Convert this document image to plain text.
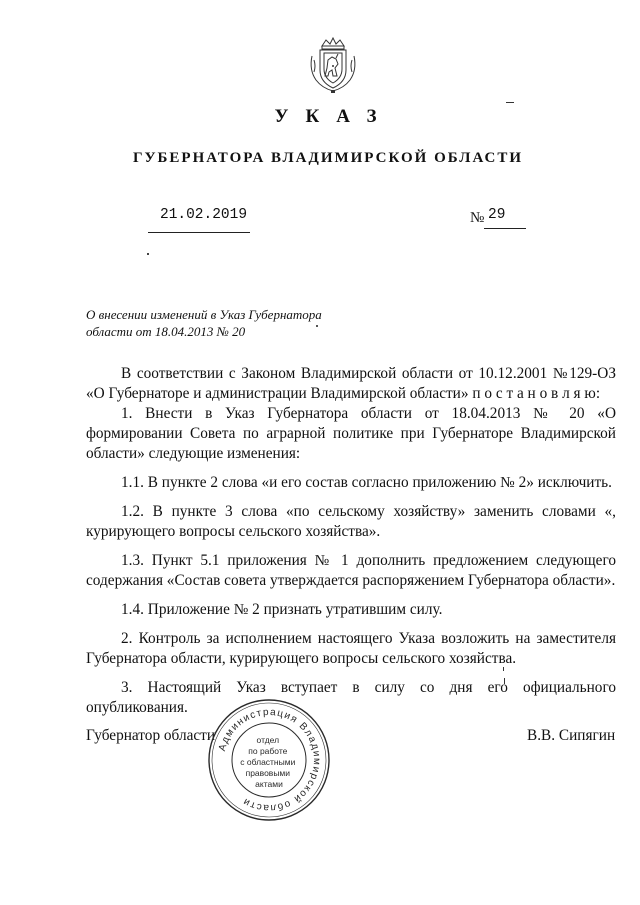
УКАЗ
ГУБЕРНАТОРА ВЛАДИМИРСКОЙ ОБЛАСТИ
21.02.2019	№ 29
О внесении изменений в Указ Губернатора области от 18.04.2013 № 20

В соответствии с Законом Владимирской области от 10.12.2001 №129-ОЗ «О Губернаторе и администрации Владимирской области» п о с т а н о в л я ю:

1. Внести в Указ Губернатора области от 18.04.2013 № 20 «О формировании Совета по аграрной политике при Губернаторе Владимирской области» следующие изменения:

1.1. В пункте 2 слова «и его состав согласно приложению № 2» исключить.

1.2. В пункте 3 слова «по сельскому хозяйству» заменить словами «, курирующего вопросы сельского хозяйства».

1.3. Пункт 5.1 приложения № 1 дополнить предложением следующего содержания «Состав совета утверждается распоряжением Губернатора области».

1.4. Приложение № 2 признать утратившим силу.

2. Контроль за исполнением настоящего Указа возложить на заместителя Губернатора области, курирующего вопросы сельского хозяйства.

3. Настоящий Указ вступает в силу со дня его официального опубликования.

Губернатор области	В.В. Сипягин
Администрация Владимирской области
отдел по работе с областными правовыми актами
